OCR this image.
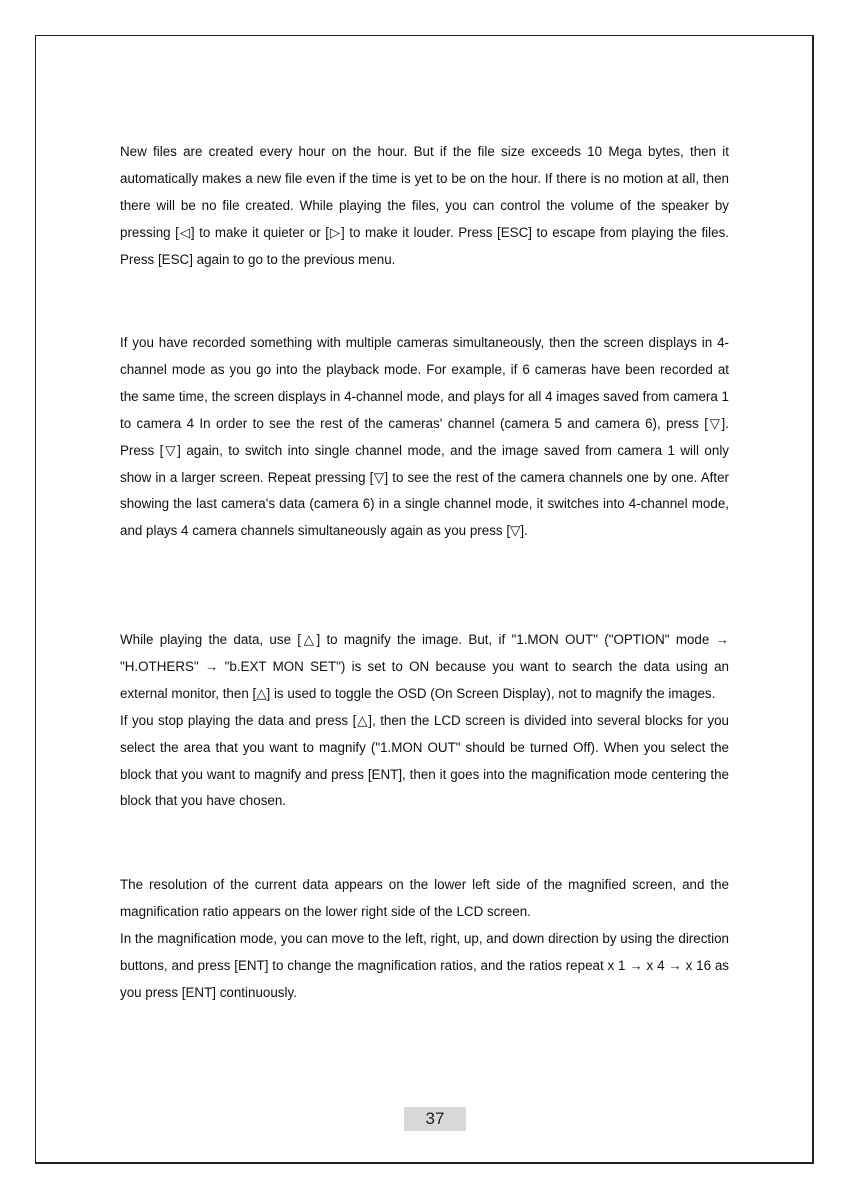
New files are created every hour on the hour. But if the file size exceeds 10 Mega bytes, then it automatically makes a new file even if the time is yet to be on the hour. If there is no motion at all, then there will be no file created. While playing the files, you can control the volume of the speaker by pressing [◁] to make it quieter or [▷] to make it louder. Press [ESC] to escape from playing the files. Press [ESC] again to go to the previous menu.

If you have recorded something with multiple cameras simultaneously, then the screen displays in 4-channel mode as you go into the playback mode. For example, if 6 cameras have been recorded at the same time, the screen displays in 4-channel mode, and plays for all 4 images saved from camera 1 to camera 4 In order to see the rest of the cameras' channel (camera 5 and camera 6), press [▽]. Press [▽] again, to switch into single channel mode, and the image saved from camera 1 will only show in a larger screen. Repeat pressing [▽] to see the rest of the camera channels one by one. After showing the last camera's data (camera 6) in a single channel mode, it switches into 4-channel mode, and plays 4 camera channels simultaneously again as you press [▽].

While playing the data, use [△] to magnify the image. But, if "1.MON OUT" ("OPTION" mode → "H.OTHERS" → "b.EXT MON SET") is set to ON because you want to search the data using an external monitor, then [△] is used to toggle the OSD (On Screen Display), not to magnify the images.

If you stop playing the data and press [△], then the LCD screen is divided into several blocks for you select the area that you want to magnify ("1.MON OUT" should be turned Off). When you select the block that you want to magnify and press [ENT], then it goes into the magnification mode centering the block that you have chosen.

The resolution of the current data appears on the lower left side of the magnified screen, and the magnification ratio appears on the lower right side of the LCD screen.

In the magnification mode, you can move to the left, right, up, and down direction by using the direction buttons, and press [ENT] to change the magnification ratios, and the ratios repeat x 1 → x 4 → x 16 as you press [ENT] continuously.

37
